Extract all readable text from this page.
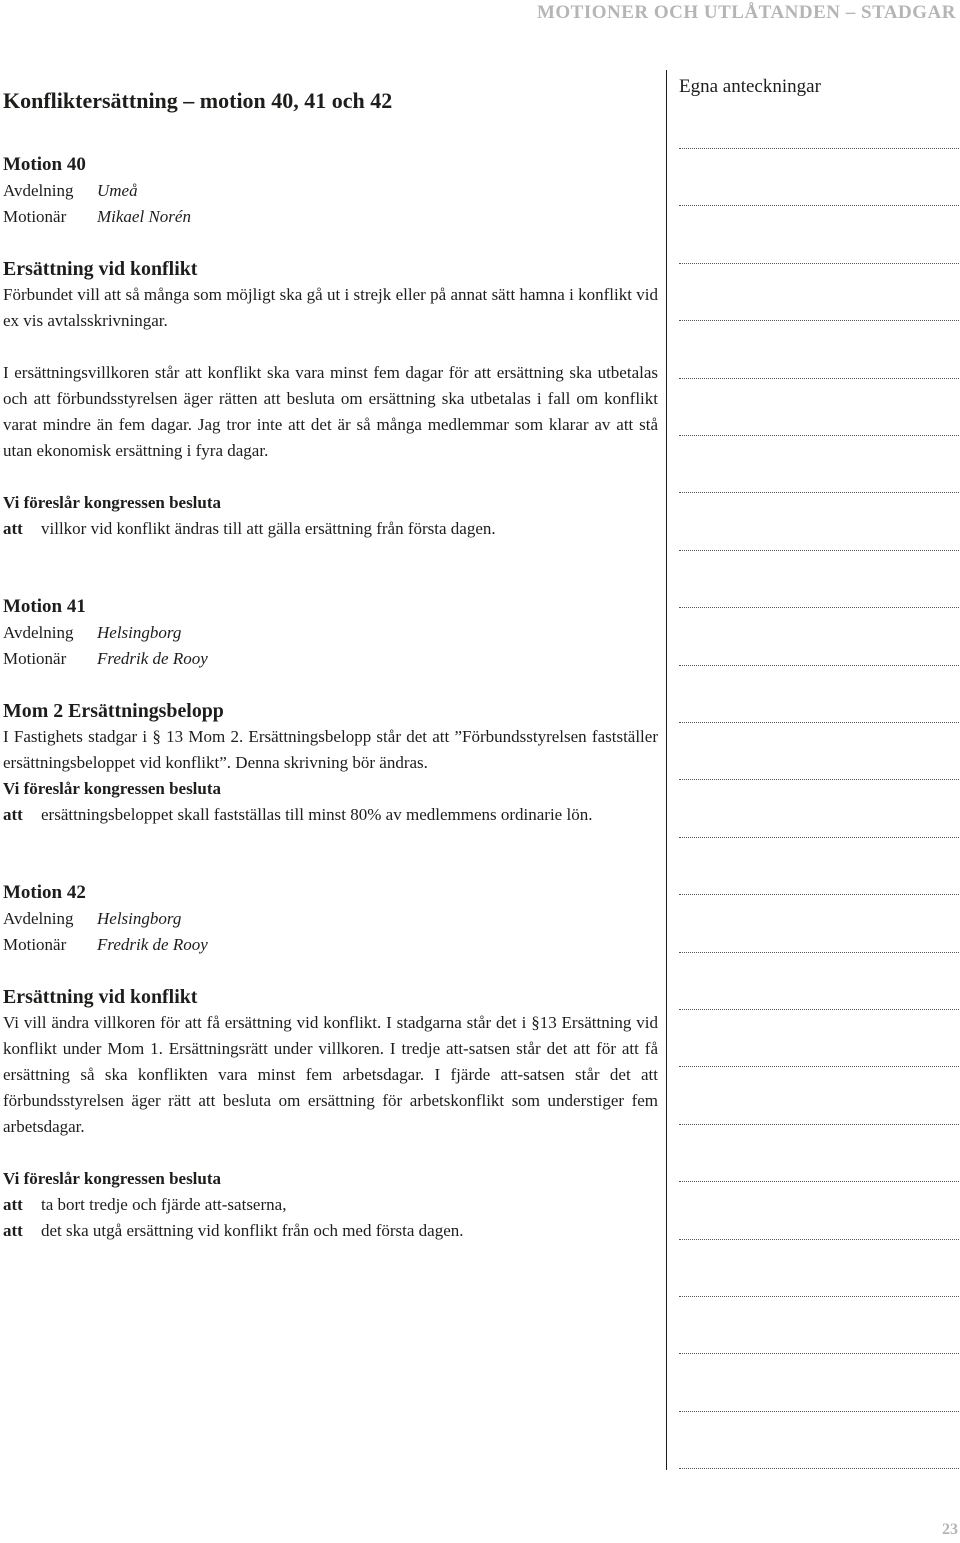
MOTIONER OCH UTLÅTANDEN – STADGAR
Konfliktersättning – motion 40, 41 och 42
Motion 40
Avdelning	Umeå
Motionär	Mikael Norén
Ersättning vid konflikt

Förbundet vill att så många som möjligt ska gå ut i strejk eller på annat sätt hamna i konflikt vid ex vis avtalsskrivningar.

I ersättningsvillkoren står att konflikt ska vara minst fem dagar för att ersättning ska utbetalas och att förbundsstyrelsen äger rätten att besluta om ersättning ska utbetalas i fall om konflikt varat mindre än fem dagar. Jag tror inte att det är så många medlemmar som klarar av att stå utan ekonomisk ersättning i fyra dagar.

Vi föreslår kongressen besluta
att	villkor vid konflikt ändras till att gälla ersättning från första dagen.
Motion 41
Avdelning	Helsingborg
Motionär	Fredrik de Rooy
Mom 2 Ersättningsbelopp

I Fastighets stadgar i § 13 Mom 2. Ersättningsbelopp står det att ”Förbundsstyrelsen fastställer ersättningsbeloppet vid konflikt”. Denna skrivning bör ändras.

Vi föreslår kongressen besluta
att	ersättningsbeloppet skall fastställas till minst 80% av medlemmens ordinarie lön.
Motion 42
Avdelning	Helsingborg
Motionär	Fredrik de Rooy
Ersättning vid konflikt

Vi vill ändra villkoren för att få ersättning vid konflikt. I stadgarna står det i §13 Ersättning vid konflikt under Mom 1. Ersättningsrätt under villkoren. I tredje att-satsen står det att för att få ersättning så ska konflikten vara minst fem arbetsdagar. I fjärde att-satsen står det att förbundsstyrelsen äger rätt att besluta om ersättning för arbetskonflikt som understiger fem arbetsdagar.

Vi föreslår kongressen besluta
att	ta bort tredje och fjärde att-satserna,
att	det ska utgå ersättning vid konflikt från och med första dagen.
Egna anteckningar
23
